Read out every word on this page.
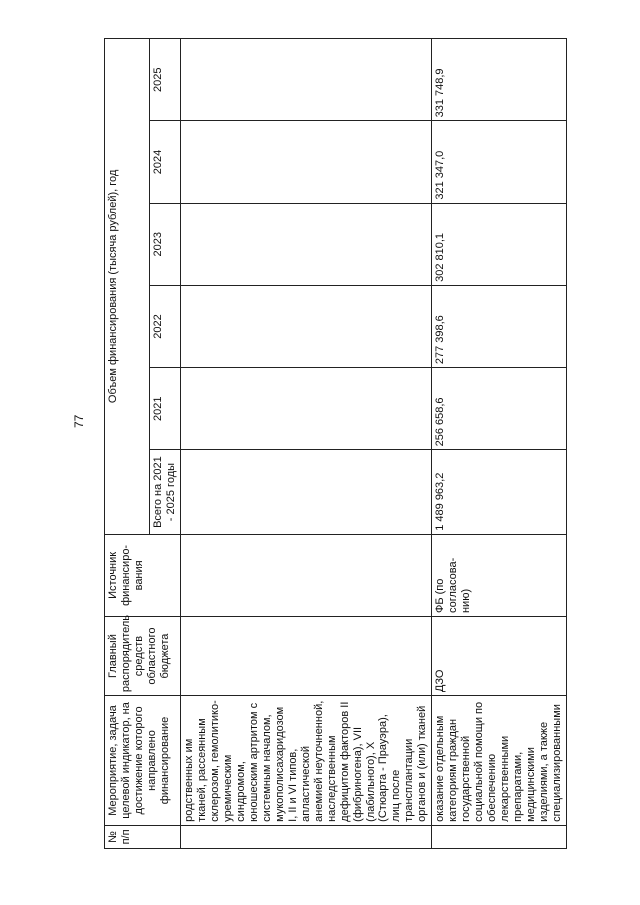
77
№ п/п	Мероприятие, задача целевой индикатор, на достижение которого направлено финансирование	Главный распорядитель средств областного бюджета	Источник финансиро-вания	Объем финансирования (тысяча рублей), год					
				Всего на 2021 - 2025 годы	2021	2022	2023	2024	2025
	родственных им тканей, рассеянным склерозом, гемолитико-уремическим синдромом, юношеским артритом с системным началом, мукополисахаридозом I, II и VI типов, апластической анемией неуточненной, наследственным дефицитом факторов II (фибриногена), VII (лабильного), X (Стюарта - Прауэра), лиц после трансплантации органов и (или) тканей								
	оказание отдельным категориям граждан государственной социальной помощи по обеспечению лекарственными препаратами, медицинскими изделиями, а также специализированными	ДЗО	ФБ (по согласова-нию)	1 489 963,2	256 658,6	277 398,6	302 810,1	321 347,0	331 748,9
